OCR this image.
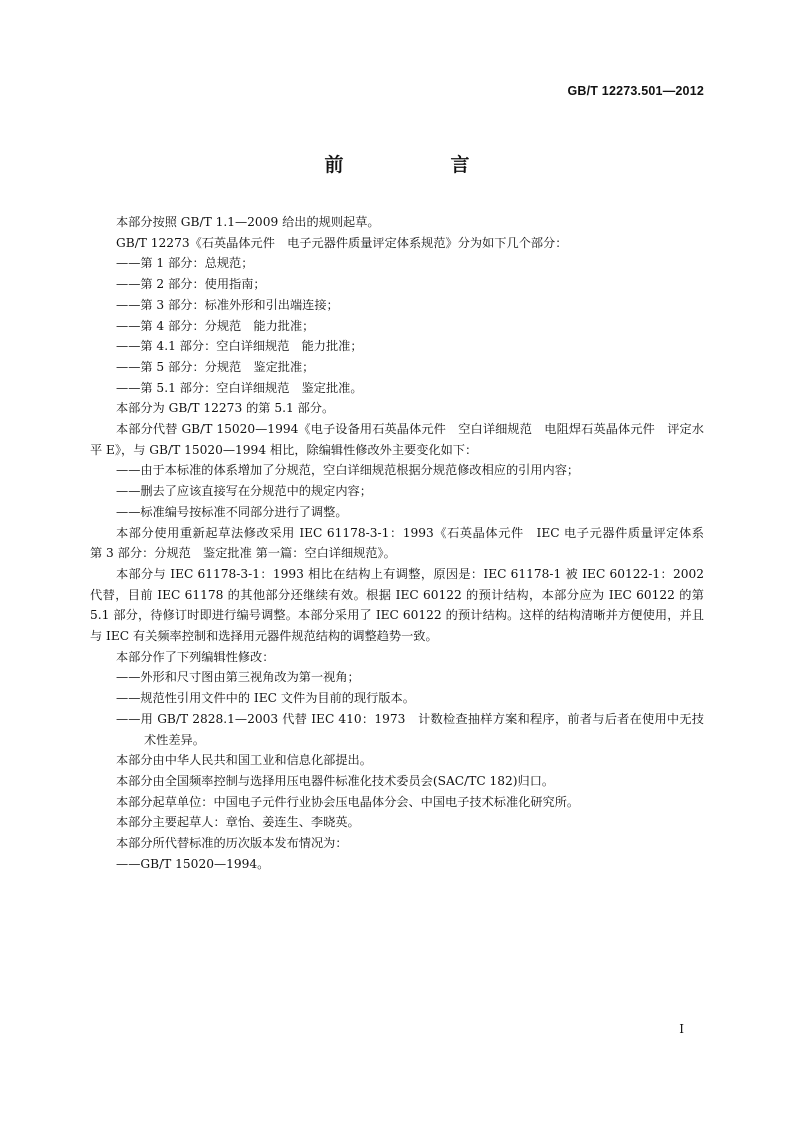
GB/T 12273.501—2012
前　言

本部分按照 GB/T 1.1—2009 给出的规则起草。

GB/T 12273《石英晶体元件　电子元器件质量评定体系规范》分为如下几个部分：

——第 1 部分：总规范；

——第 2 部分：使用指南；

——第 3 部分：标准外形和引出端连接；

——第 4 部分：分规范　能力批准；

——第 4.1 部分：空白详细规范　能力批准；

——第 5 部分：分规范　鉴定批准；

——第 5.1 部分：空白详细规范　鉴定批准。

本部分为 GB/T 12273 的第 5.1 部分。

本部分代替 GB/T 15020—1994《电子设备用石英晶体元件　空白详细规范　电阻焊石英晶体元件　评定水平 E》，与 GB/T 15020—1994 相比，除编辑性修改外主要变化如下：

——由于本标准的体系增加了分规范，空白详细规范根据分规范修改相应的引用内容；

——删去了应该直接写在分规范中的规定内容；

——标准编号按标准不同部分进行了调整。

本部分使用重新起草法修改采用 IEC 61178-3-1：1993《石英晶体元件　IEC 电子元器件质量评定体系　第 3 部分：分规范　鉴定批准 第一篇：空白详细规范》。

本部分与 IEC 61178-3-1：1993 相比在结构上有调整，原因是：IEC 61178-1 被 IEC 60122-1：2002 代替，目前 IEC 61178 的其他部分还继续有效。根据 IEC 60122 的预计结构，本部分应为 IEC 60122 的第 5.1 部分，待修订时即进行编号调整。本部分采用了 IEC 60122 的预计结构。这样的结构清晰并方便使用，并且与 IEC 有关频率控制和选择用元器件规范结构的调整趋势一致。

本部分作了下列编辑性修改：

——外形和尺寸图由第三视角改为第一视角；

——规范性引用文件中的 IEC 文件为目前的现行版本。

——用 GB/T 2828.1—2003 代替 IEC 410：1973　计数检查抽样方案和程序，前者与后者在使用中无技术性差异。

本部分由中华人民共和国工业和信息化部提出。

本部分由全国频率控制与选择用压电器件标准化技术委员会(SAC/TC 182)归口。

本部分起草单位：中国电子元件行业协会压电晶体分会、中国电子技术标准化研究所。

本部分主要起草人：章怡、姜连生、李晓英。

本部分所代替标准的历次版本发布情况为：

——GB/T 15020—1994。

I
